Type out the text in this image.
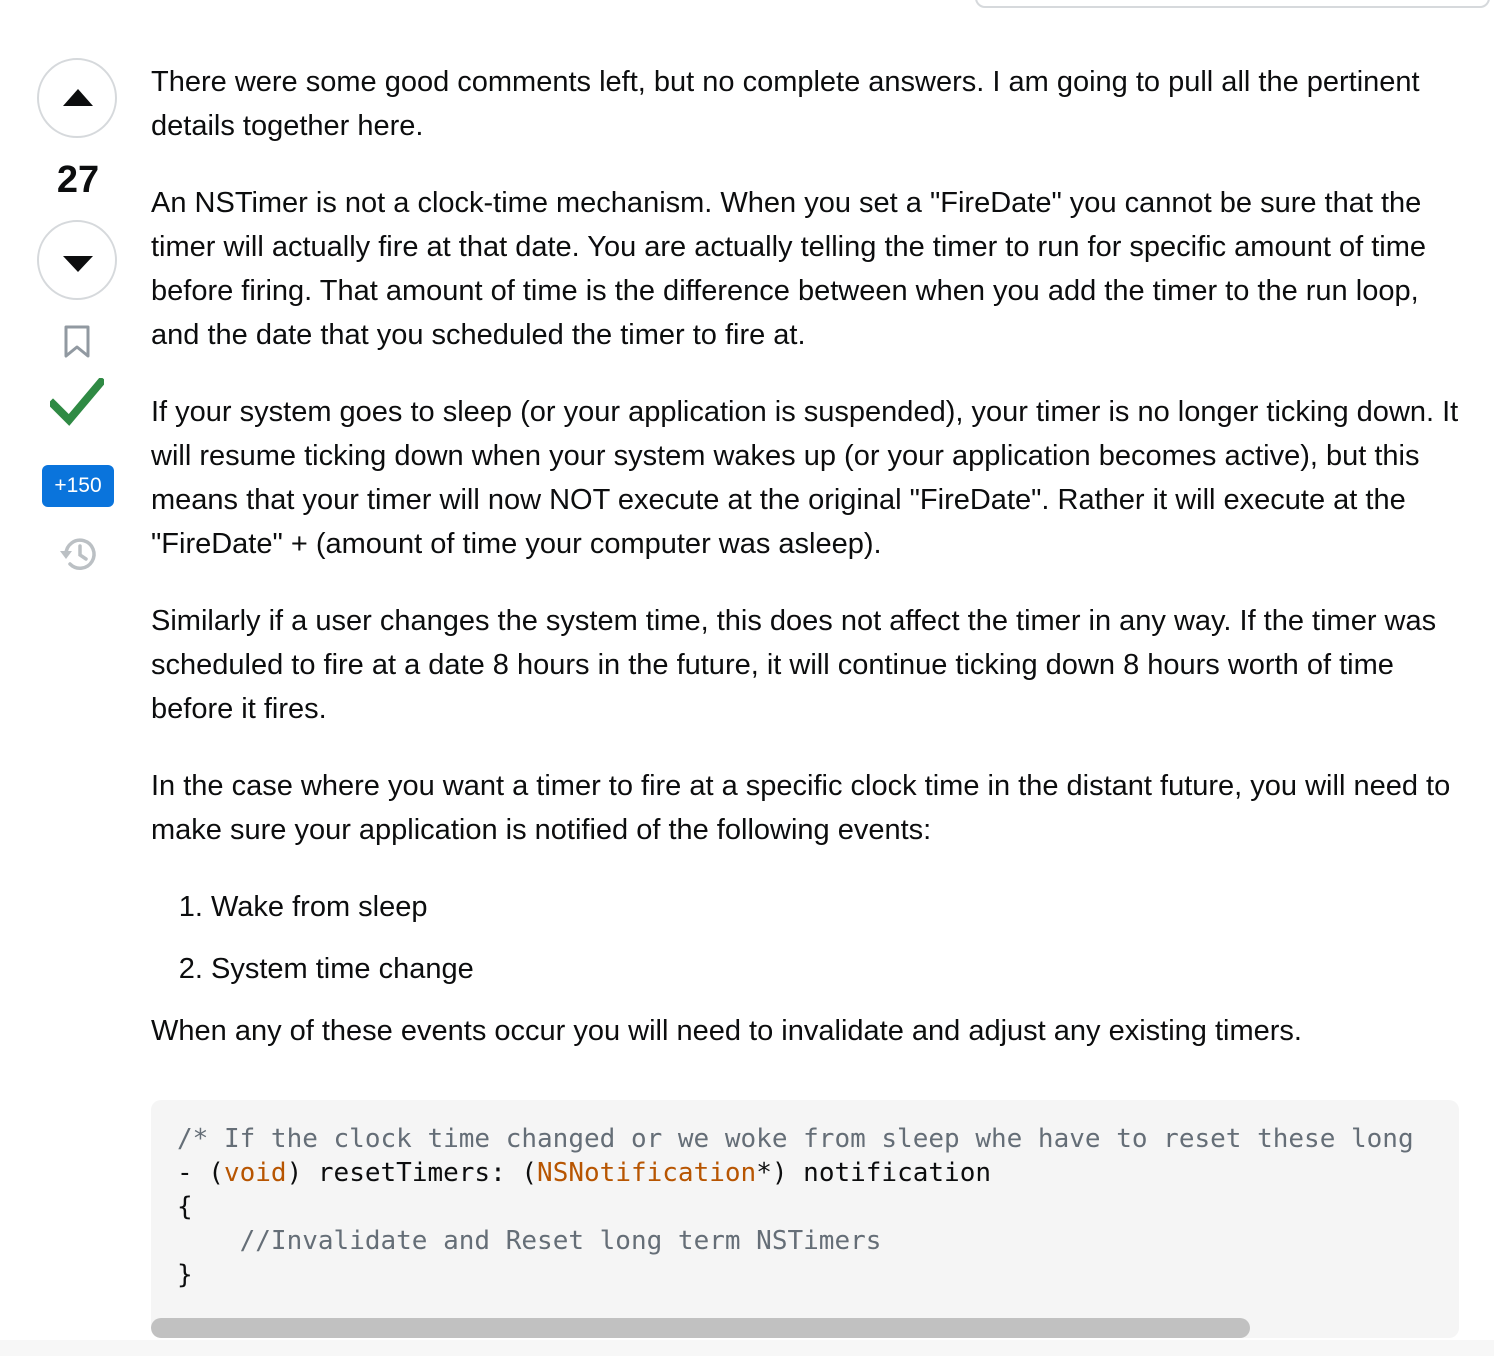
27
+150

There were some good comments left, but no complete answers. I am going to pull all the pertinent details together here.

An NSTimer is not a clock-time mechanism. When you set a "FireDate" you cannot be sure that the timer will actually fire at that date. You are actually telling the timer to run for specific amount of time before firing. That amount of time is the difference between when you add the timer to the run loop, and the date that you scheduled the timer to fire at.

If your system goes to sleep (or your application is suspended), your timer is no longer ticking down. It will resume ticking down when your system wakes up (or your application becomes active), but this means that your timer will now NOT execute at the original "FireDate". Rather it will execute at the "FireDate" + (amount of time your computer was asleep).

Similarly if a user changes the system time, this does not affect the timer in any way. If the timer was scheduled to fire at a date 8 hours in the future, it will continue ticking down 8 hours worth of time before it fires.

In the case where you want a timer to fire at a specific clock time in the distant future, you will need to make sure your application is notified of the following events:

1. Wake from sleep
2. System time change

When any of these events occur you will need to invalidate and adjust any existing timers.

/* If the clock time changed or we woke from sleep whe have to reset these long
- (void) resetTimers: (NSNotification*) notification
{
//Invalidate and Reset long term NSTimers
}
